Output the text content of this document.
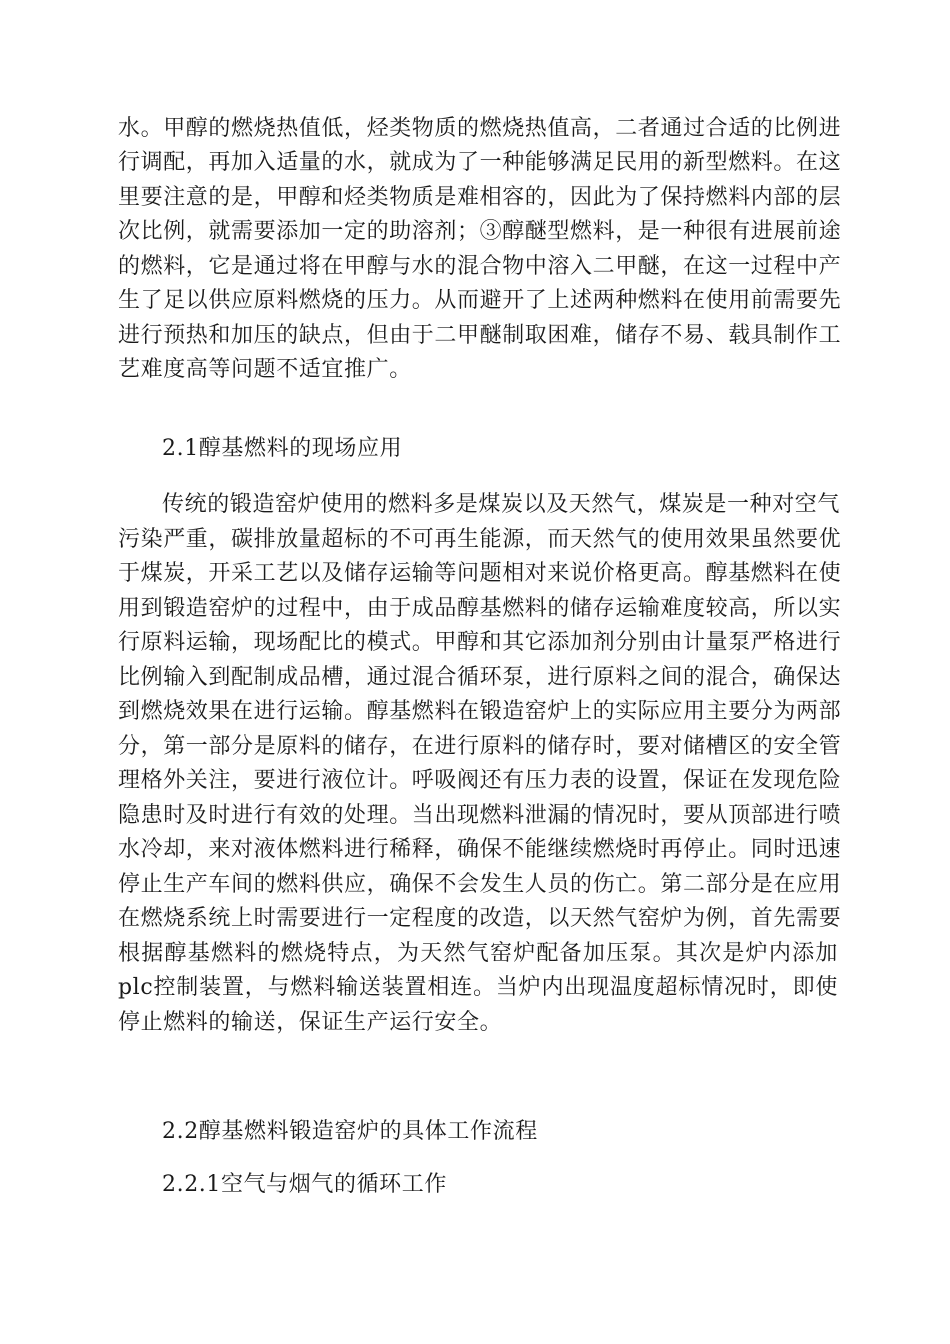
水。甲醇的燃烧热值低，烃类物质的燃烧热值高，二者通过合适的比例进
行调配，再加入适量的水，就成为了一种能够满足民用的新型燃料。在这
里要注意的是，甲醇和烃类物质是难相容的，因此为了保持燃料内部的层
次比例，就需要添加一定的助溶剂；③醇醚型燃料，是一种很有进展前途
的燃料，它是通过将在甲醇与水的混合物中溶入二甲醚，在这一过程中产
生了足以供应原料燃烧的压力。从而避开了上述两种燃料在使用前需要先
进行预热和加压的缺点，但由于二甲醚制取困难，储存不易、载具制作工
艺难度高等问题不适宜推广。
2.1醇基燃料的现场应用
传统的锻造窑炉使用的燃料多是煤炭以及天然气，煤炭是一种对空气
污染严重，碳排放量超标的不可再生能源，而天然气的使用效果虽然要优
于煤炭，开采工艺以及储存运输等问题相对来说价格更高。醇基燃料在使
用到锻造窑炉的过程中，由于成品醇基燃料的储存运输难度较高，所以实
行原料运输，现场配比的模式。甲醇和其它添加剂分别由计量泵严格进行
比例输入到配制成品槽，通过混合循环泵，进行原料之间的混合，确保达
到燃烧效果在进行运输。醇基燃料在锻造窑炉上的实际应用主要分为两部
分，第一部分是原料的储存，在进行原料的储存时，要对储槽区的安全管
理格外关注，要进行液位计。呼吸阀还有压力表的设置，保证在发现危险
隐患时及时进行有效的处理。当出现燃料泄漏的情况时，要从顶部进行喷
水冷却，来对液体燃料进行稀释，确保不能继续燃烧时再停止。同时迅速
停止生产车间的燃料供应，确保不会发生人员的伤亡。第二部分是在应用
在燃烧系统上时需要进行一定程度的改造，以天然气窑炉为例，首先需要
根据醇基燃料的燃烧特点，为天然气窑炉配备加压泵。其次是炉内添加
plc控制装置，与燃料输送装置相连。当炉内出现温度超标情况时，即使
停止燃料的输送，保证生产运行安全。
2.2醇基燃料锻造窑炉的具体工作流程
2.2.1空气与烟气的循环工作
